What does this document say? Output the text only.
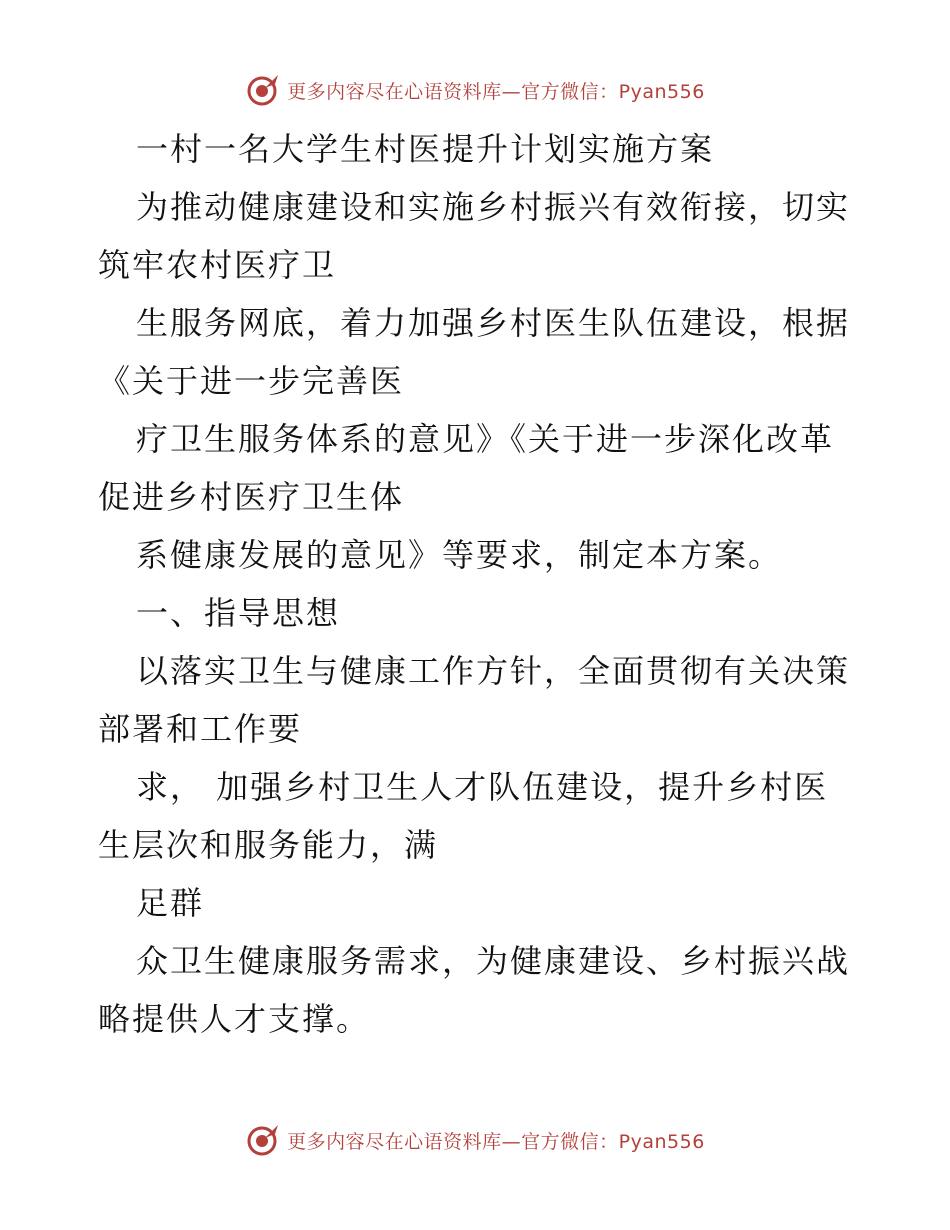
更多内容尽在心语资料库—官方微信：Pyan556

一村一名大学生村医提升计划实施方案

为推动健康建设和实施乡村振兴有效衔接，切实

筑牢农村医疗卫

生服务网底，着力加强乡村医生队伍建设，根据

《关于进一步完善医

疗卫生服务体系的意见》《关于进一步深化改革

促进乡村医疗卫生体

系健康发展的意见》等要求，制定本方案。

一、指导思想

以落实卫生与健康工作方针，全面贯彻有关决策

部署和工作要

求， 加强乡村卫生人才队伍建设，提升乡村医

生层次和服务能力，满

足群

众卫生健康服务需求，为健康建设、乡村振兴战

略提供人才支撑。

更多内容尽在心语资料库—官方微信：Pyan556
